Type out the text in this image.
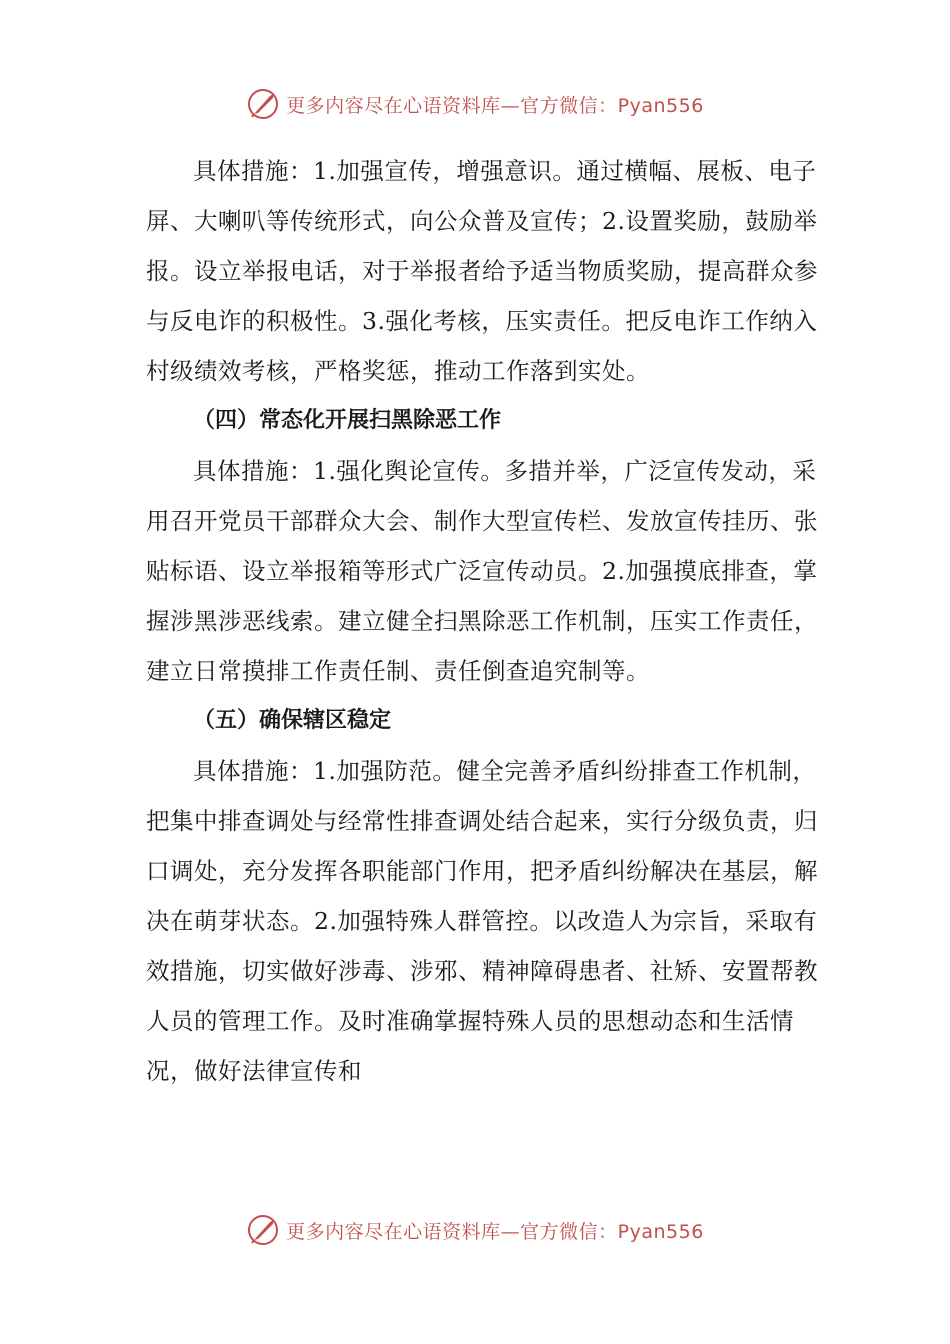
更多内容尽在心语资料库—官方微信：Pyan556

具体措施：1.加强宣传，增强意识。通过横幅、展板、电子屏、大喇叭等传统形式，向公众普及宣传；2.设置奖励，鼓励举报。设立举报电话，对于举报者给予适当物质奖励，提高群众参与反电诈的积极性。3.强化考核，压实责任。把反电诈工作纳入村级绩效考核，严格奖惩，推动工作落到实处。

（四）常态化开展扫黑除恶工作

具体措施：1.强化舆论宣传。多措并举，广泛宣传发动，采用召开党员干部群众大会、制作大型宣传栏、发放宣传挂历、张贴标语、设立举报箱等形式广泛宣传动员。2.加强摸底排查，掌握涉黑涉恶线索。建立健全扫黑除恶工作机制，压实工作责任，建立日常摸排工作责任制、责任倒查追究制等。

（五）确保辖区稳定

具体措施：1.加强防范。健全完善矛盾纠纷排查工作机制，把集中排查调处与经常性排查调处结合起来，实行分级负责，归口调处，充分发挥各职能部门作用，把矛盾纠纷解决在基层，解决在萌芽状态。2.加强特殊人群管控。以改造人为宗旨，采取有效措施，切实做好涉毒、涉邪、精神障碍患者、社矫、安置帮教人员的管理工作。及时准确掌握特殊人员的思想动态和生活情况，做好法律宣传和

更多内容尽在心语资料库—官方微信：Pyan556
